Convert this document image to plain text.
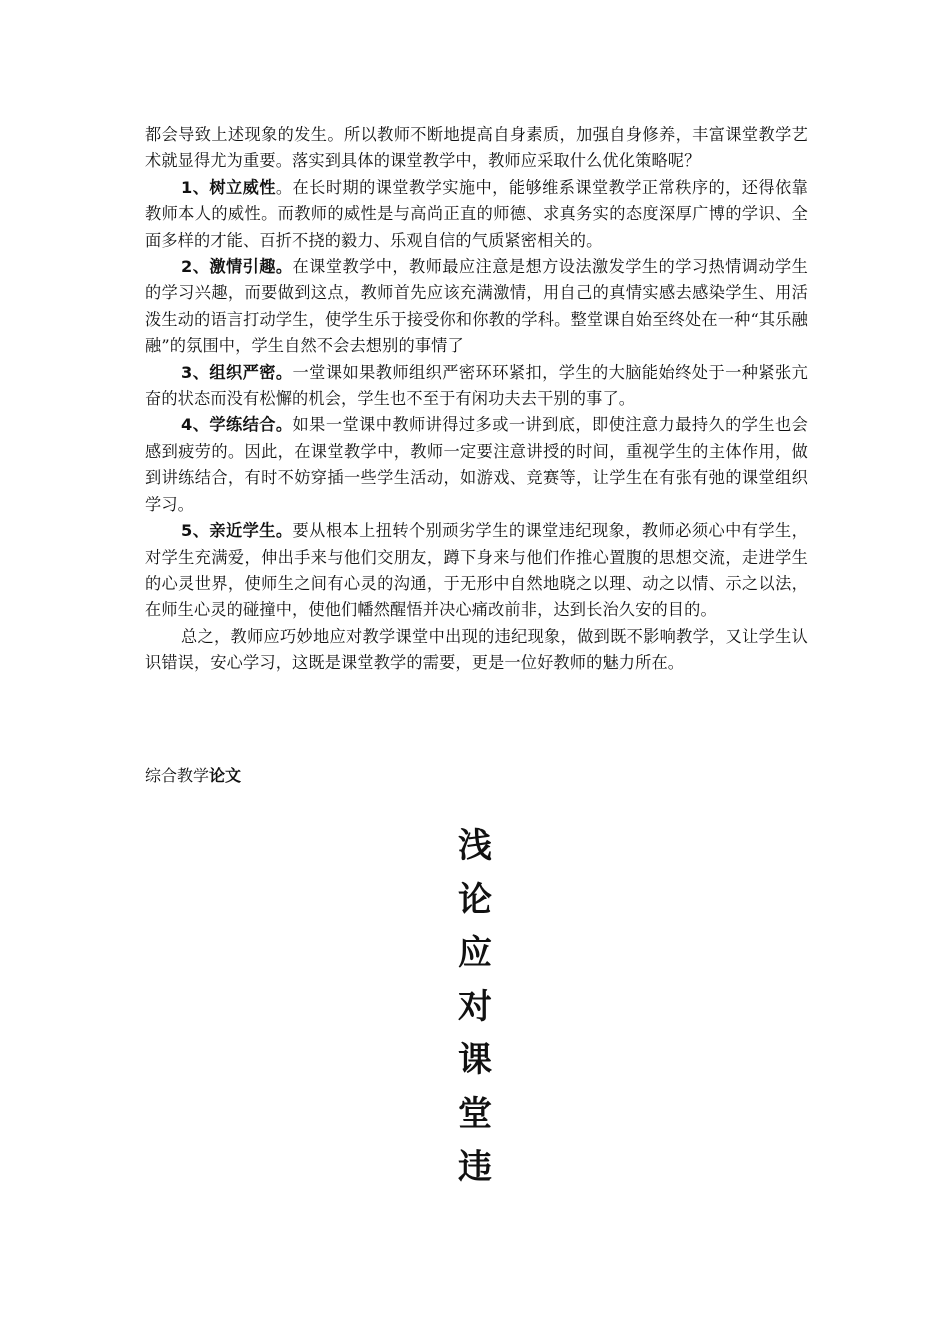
都会导致上述现象的发生。所以教师不断地提高自身素质，加强自身修养，丰富课堂教学艺术就显得尤为重要。落实到具体的课堂教学中，教师应采取什么优化策略呢？

1、树立威性。在长时期的课堂教学实施中，能够维系课堂教学正常秩序的，还得依靠教师本人的威性。而教师的威性是与高尚正直的师德、求真务实的态度深厚广博的学识、全面多样的才能、百折不挠的毅力、乐观自信的气质紧密相关的。

2、激情引趣。在课堂教学中，教师最应注意是想方设法激发学生的学习热情调动学生的学习兴趣，而要做到这点，教师首先应该充满激情，用自己的真情实感去感染学生、用活泼生动的语言打动学生，使学生乐于接受你和你教的学科。整堂课自始至终处在一种“其乐融融”的氛围中，学生自然不会去想别的事情了

3、组织严密。一堂课如果教师组织严密环环紧扣，学生的大脑能始终处于一种紧张亢奋的状态而没有松懈的机会，学生也不至于有闲功夫去干别的事了。

4、学练结合。如果一堂课中教师讲得过多或一讲到底，即使注意力最持久的学生也会感到疲劳的。因此，在课堂教学中，教师一定要注意讲授的时间，重视学生的主体作用，做到讲练结合，有时不妨穿插一些学生活动，如游戏、竞赛等，让学生在有张有弛的课堂组织学习。

5、亲近学生。要从根本上扭转个别顽劣学生的课堂违纪现象，教师必须心中有学生，对学生充满爱，伸出手来与他们交朋友，蹲下身来与他们作推心置腹的思想交流，走进学生的心灵世界，使师生之间有心灵的沟通，于无形中自然地晓之以理、动之以情、示之以法，在师生心灵的碰撞中，使他们幡然醒悟并决心痛改前非，达到长治久安的目的。

总之，教师应巧妙地应对教学课堂中出现的违纪现象，做到既不影响教学，又让学生认识错误，安心学习，这既是课堂教学的需要，更是一位好教师的魅力所在。

综合教学论文
浅
论
应
对
课
堂
违
